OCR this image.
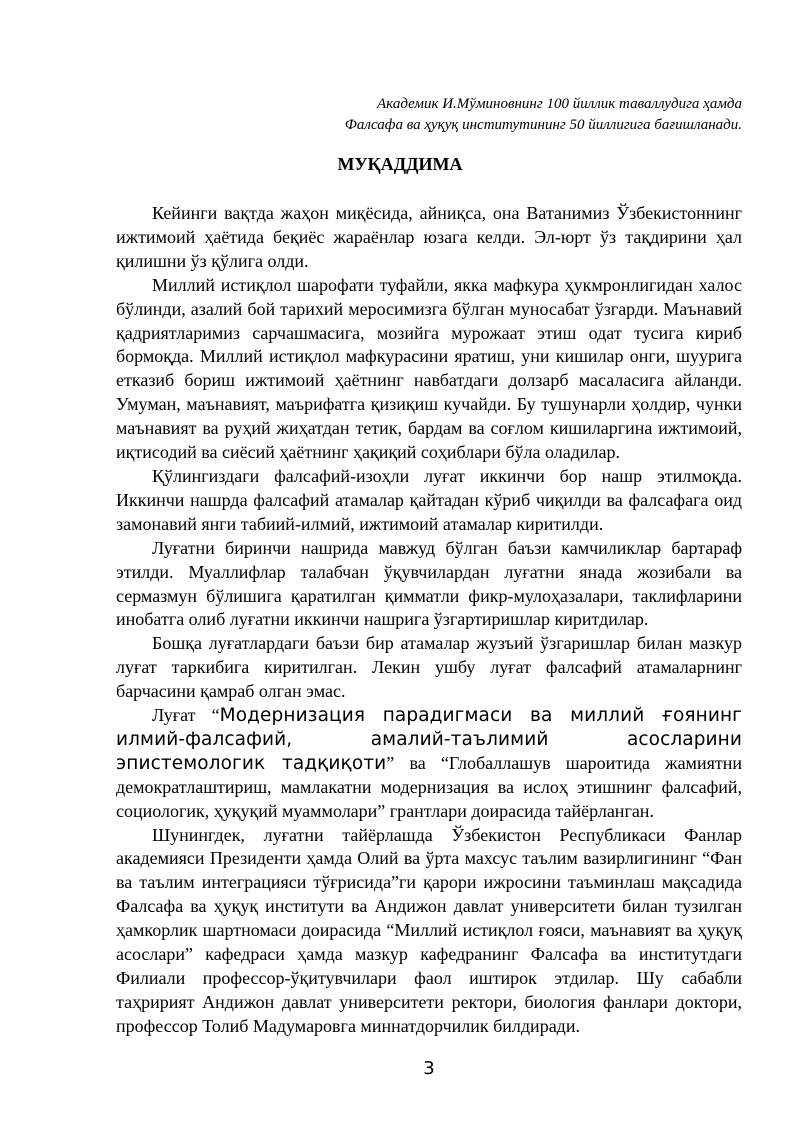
Академик И.Мўминовнинг 100 йиллик таваллудига ҳамда
Фалсафа ва ҳуқуқ институтининг 50 йиллигига бағишланади.
МУҚАДДИМА

Кейинги вақтда жаҳон миқёсида, айниқса, она Ватанимиз Ўзбекистоннинг ижтимоий ҳаётида беқиёс жараёнлар юзага келди. Эл-юрт ўз тақдирини ҳал қилишни ўз қўлига олди.

Миллий истиқлол шарофати туфайли, якка мафкура ҳукмронлигидан халос бўлинди, азалий бой тарихий меросимизга бўлган муносабат ўзгарди. Маънавий қадриятларимиз сарчашмасига, мозийга мурожаат этиш одат тусига кириб бормоқда. Миллий истиқлол мафкурасини яратиш, уни кишилар онги, шуурига етказиб бориш ижтимоий ҳаётнинг навбатдаги долзарб масаласига айланди. Умуман, маънавият, маърифатга қизиқиш кучайди. Бу тушунарли ҳолдир, чунки маънавият ва руҳий жиҳатдан тетик, бардам ва соғлом кишиларгина ижтимоий, иқтисодий ва сиёсий ҳаётнинг ҳақиқий соҳиблари бўла оладилар.

Қўлингиздаги фалсафий-изоҳли луғат иккинчи бор нашр этилмоқда. Иккинчи нашрда фалсафий атамалар қайтадан кўриб чиқилди ва фалсафага оид замонавий янги табиий-илмий, ижтимоий атамалар киритилди.

Луғатни биринчи нашрида мавжуд бўлган баъзи камчиликлар бартараф этилди. Муаллифлар талабчан ўқувчилардан луғатни янада жозибали ва сермазмун бўлишига қаратилган қимматли фикр-мулоҳазалари, таклифларини инобатга олиб луғатни иккинчи нашрига ўзгартиришлар киритдилар.

Бошқа луғатлардаги баъзи бир атамалар жузъий ўзгаришлар билан мазкур луғат таркибига киритилган. Лекин ушбу луғат фалсафий атамаларнинг барчасини қамраб олган эмас.

Луғат “Модернизация парадигмаси ва миллий ғоянинг илмий-фалсафий, амалий-таълимий асосларини эпистемологик тадқиқоти” ва “Глобаллашув шароитида жамиятни демократлаштириш, мамлакатни модернизация ва ислоҳ этишнинг фалсафий, социологик, ҳуқуқий муаммолари” грантлари доирасида тайёрланган.

Шунингдек, луғатни тайёрлашда Ўзбекистон Республикаси Фанлар академияси Президенти ҳамда Олий ва ўрта махсус таълим вазирлигининг “Фан ва таълим интеграцияси тўғрисида”ги қарори ижросини таъминлаш мақсадида Фалсафа ва ҳуқуқ институти ва Андижон давлат университети билан тузилган ҳамкорлик шартномаси доирасида “Миллий истиқлол ғояси, маънавият ва ҳуқуқ асослари” кафедраси ҳамда мазкур кафедранинг Фалсафа ва институтдаги Филиали профессор-ўқитувчилари фаол иштирок этдилар. Шу сабабли таҳририят Андижон давлат университети ректори, биология фанлари доктори, профессор Толиб Мадумаровга миннатдорчилик билдиради.

3
